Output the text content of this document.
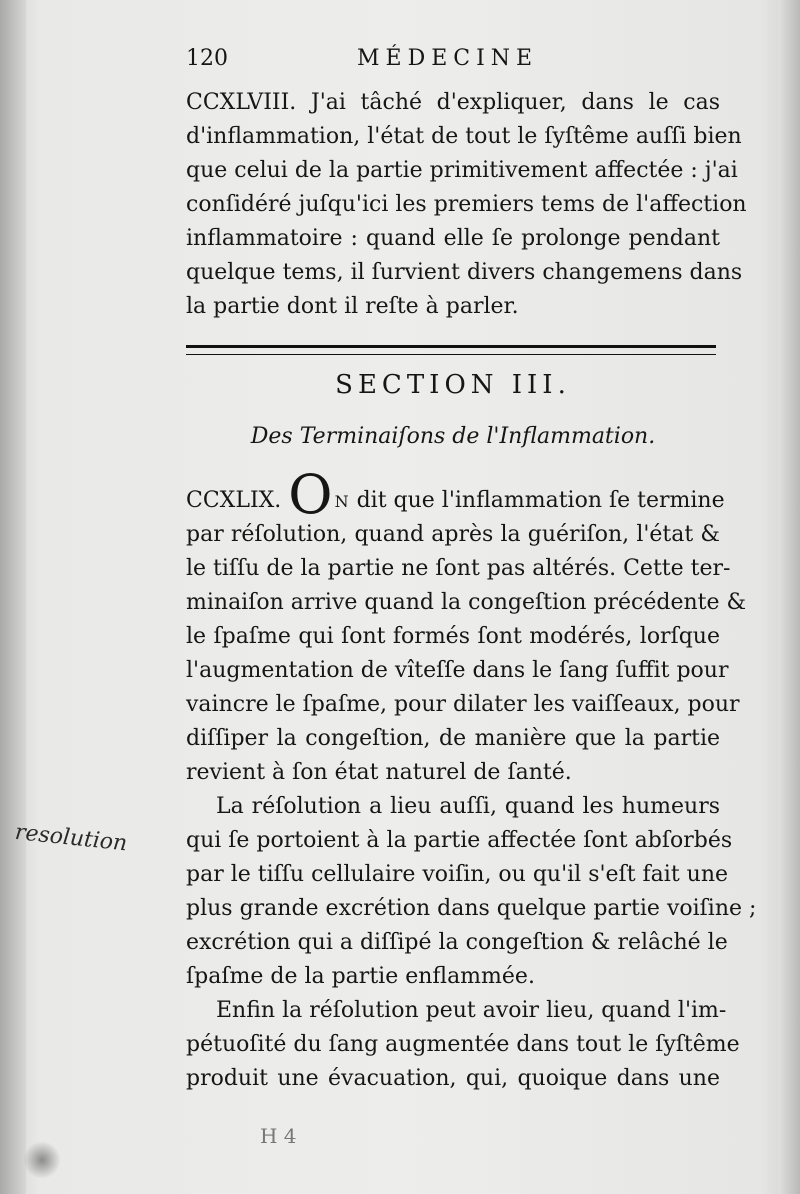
120	MÉDECINE
CCXLVIII. J'ai tâché d'expliquer, dans le cas
d'inflammation, l'état de tout le ſyſtême auſſi bien
que celui de la partie primitivement affectée : j'ai
conſidéré juſqu'ici les premiers tems de l'affection
inflammatoire : quand elle ſe prolonge pendant
quelque tems, il ſurvient divers changemens dans
la partie dont il reſte à parler.
SECTION III.
Des Terminaiſons de l'Inflammation.
CCXLIX. O N dit que l'inflammation ſe termine
par réſolution, quand après la guériſon, l'état &
le tiſſu de la partie ne ſont pas altérés. Cette ter-
minaiſon arrive quand la congeſtion précédente &
le ſpaſme qui ſont formés ſont modérés, lorſque
l'augmentation de vîteſſe dans le ſang ſuffit pour
vaincre le ſpaſme, pour dilater les vaiſſeaux, pour
diſſiper la congeſtion, de manière que la partie
revient à ſon état naturel de ſanté.
La réſolution a lieu auſſi, quand les humeurs
qui ſe portoient à la partie affectée ſont abſorbés
par le tiſſu cellulaire voiſin, ou qu'il s'eſt fait une
plus grande excrétion dans quelque partie voiſine ;
excrétion qui a diſſipé la congeſtion & relâché le
ſpaſme de la partie enflammée.
Enfin la réſolution peut avoir lieu, quand l'im-
pétuoſité du ſang augmentée dans tout le ſyſtême
produit une évacuation, qui, quoique dans une
resolution
H 4
